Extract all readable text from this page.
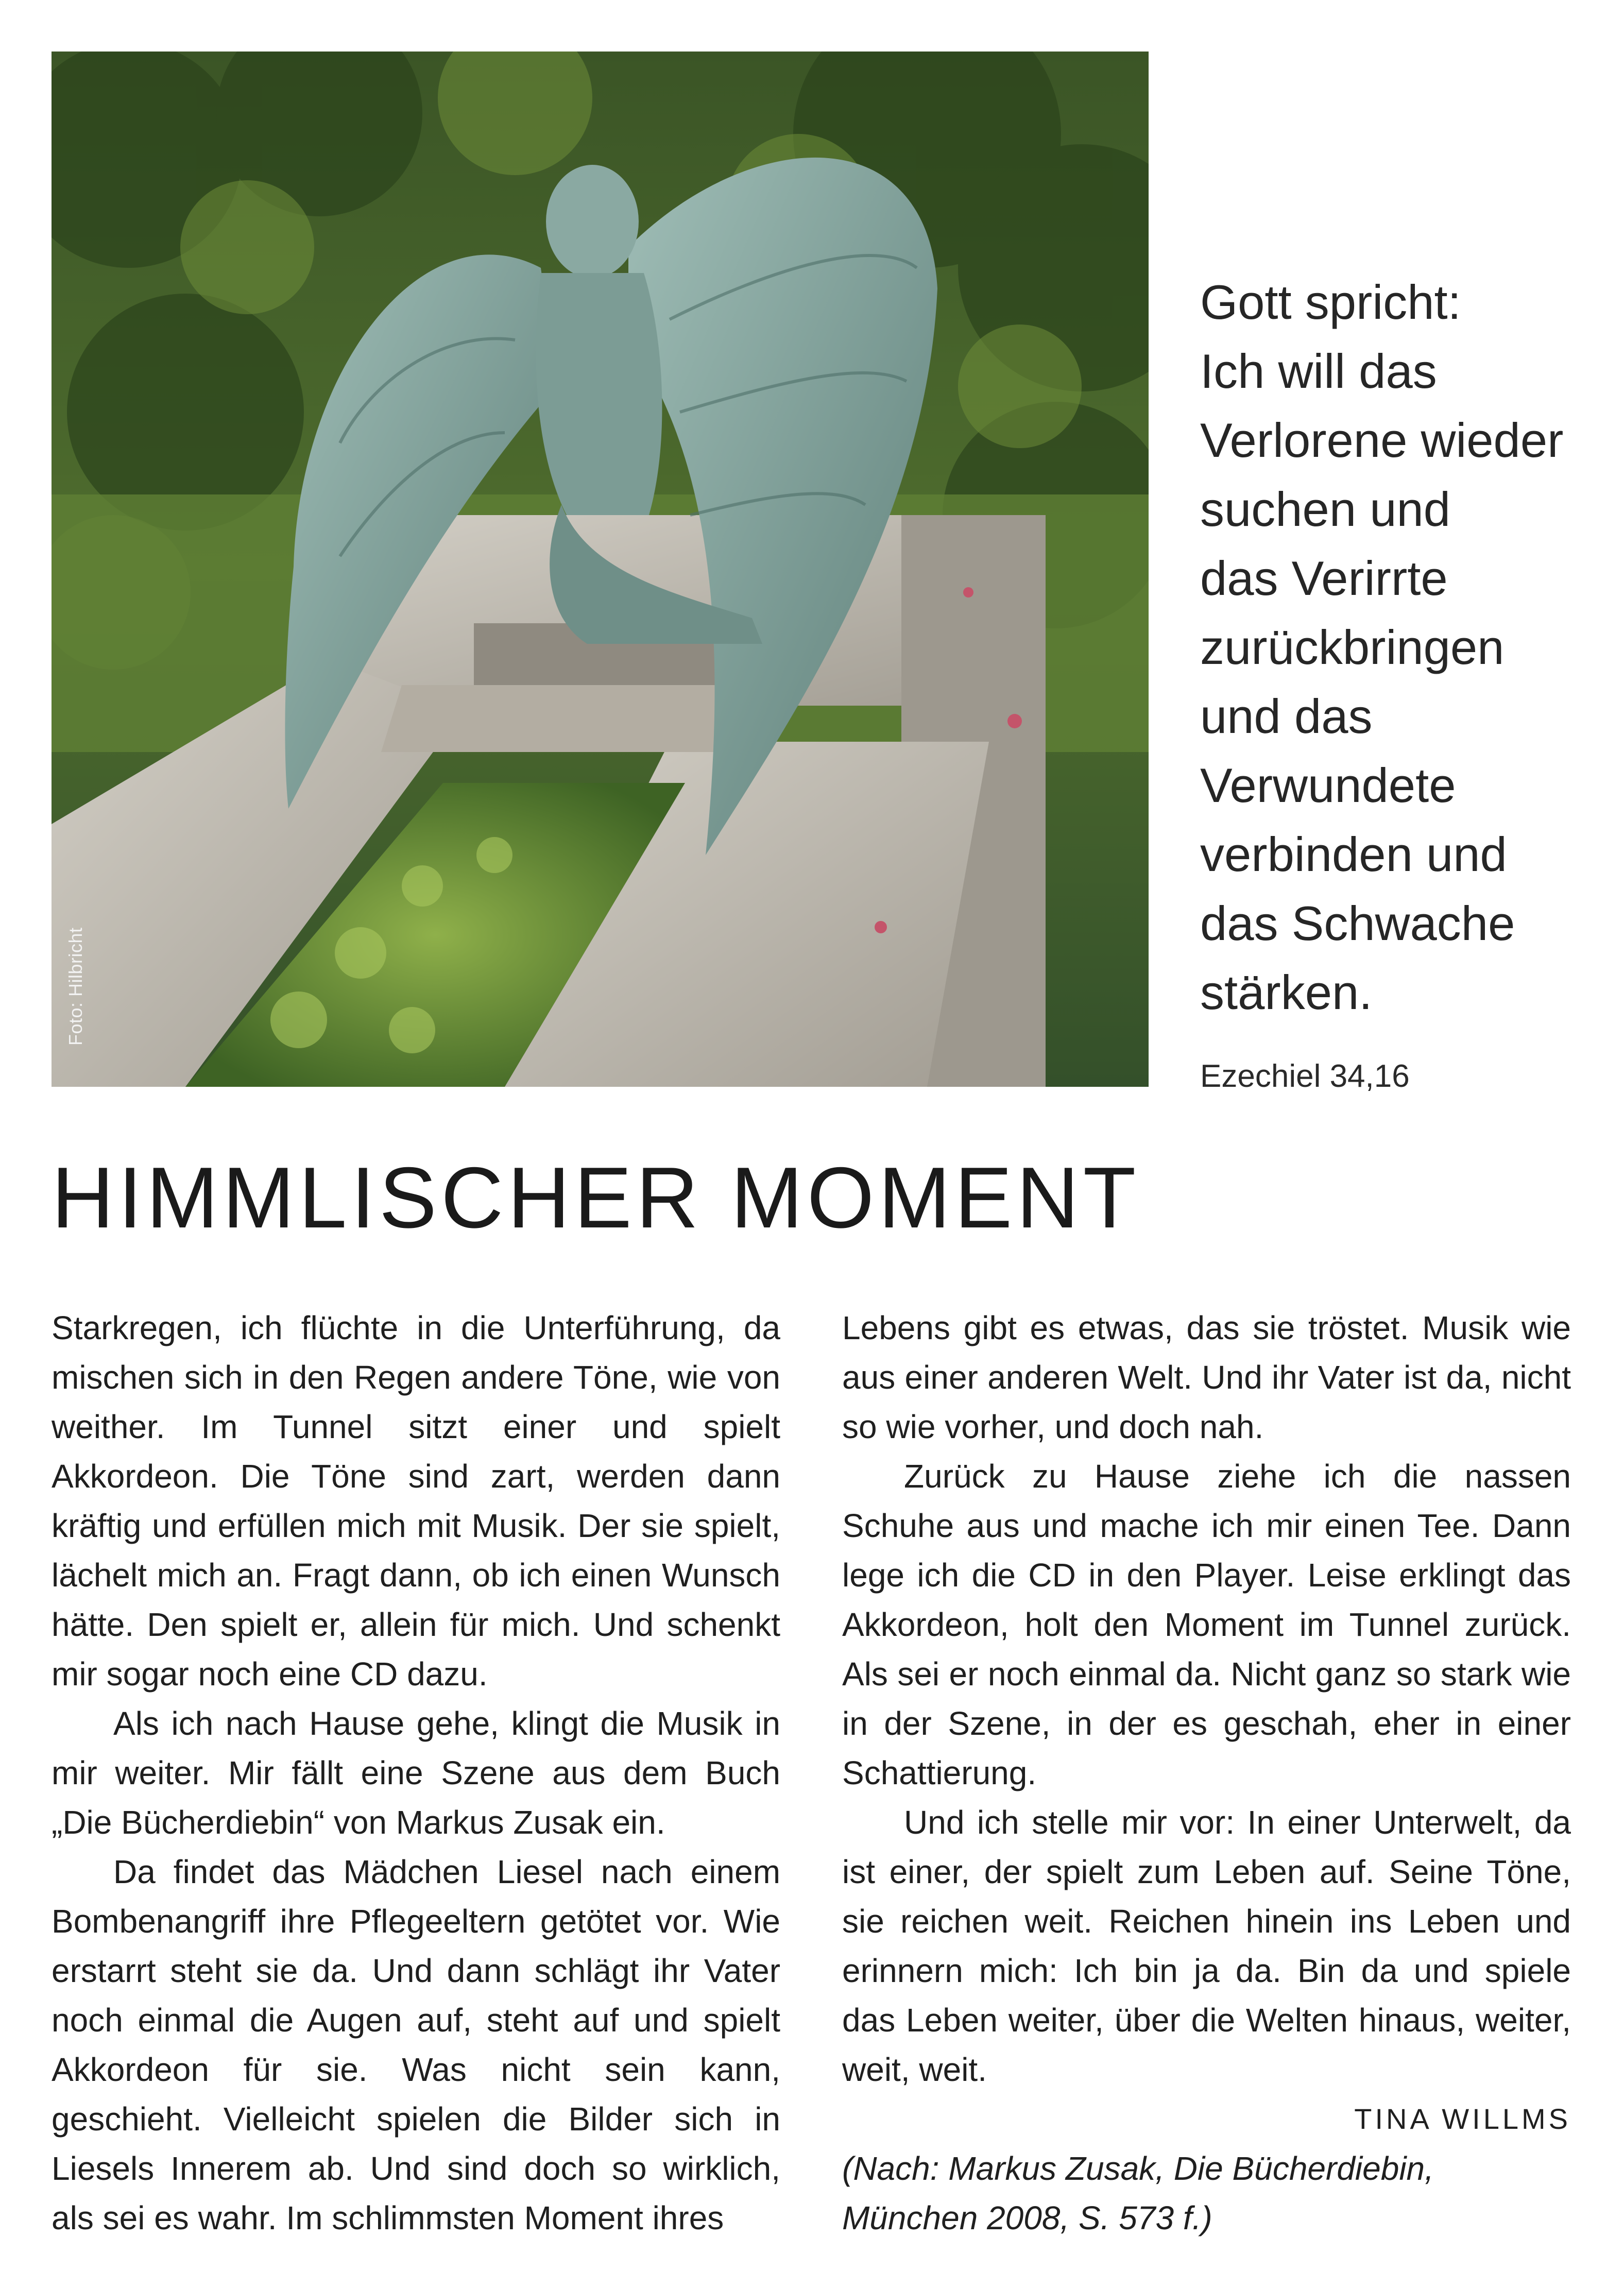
Foto: Hilbricht
Gott spricht:
Ich will das
Verlorene wieder
suchen und
das Verirrte
zurückbringen
und das
Verwundete
verbinden und
das Schwache
stärken.
Ezechiel 34,16
HIMMLISCHER MOMENT

Starkregen, ich flüchte in die Unterführung, da mischen sich in den Regen andere Töne, wie von weither. Im Tunnel sitzt einer und spielt Akkordeon. Die Töne sind zart, werden dann kräftig und erfüllen mich mit Musik. Der sie spielt, lächelt mich an. Fragt dann, ob ich einen Wunsch hätte. Den spielt er, allein für mich. Und schenkt mir sogar noch eine CD dazu.

Als ich nach Hause gehe, klingt die Musik in mir weiter. Mir fällt eine Szene aus dem Buch „Die Bücherdiebin“ von Markus Zusak ein.

Da findet das Mädchen Liesel nach einem Bombenangriff ihre Pflegeeltern getötet vor. Wie erstarrt steht sie da. Und dann schlägt ihr Vater noch einmal die Augen auf, steht auf und spielt Akkordeon für sie. Was nicht sein kann, geschieht. Vielleicht spielen die Bilder sich in Liesels Innerem ab. Und sind doch so wirklich, als sei es wahr. Im schlimmsten Moment ihres

Lebens gibt es etwas, das sie tröstet. Musik wie aus einer anderen Welt. Und ihr Vater ist da, nicht so wie vorher, und doch nah.

Zurück zu Hause ziehe ich die nassen Schuhe aus und mache ich mir einen Tee. Dann lege ich die CD in den Player. Leise erklingt das Akkordeon, holt den Moment im Tunnel zurück. Als sei er noch einmal da. Nicht ganz so stark wie in der Szene, in der es geschah, eher in einer Schattierung.

Und ich stelle mir vor: In einer Unterwelt, da ist einer, der spielt zum Leben auf. Seine Töne, sie reichen weit. Reichen hinein ins Leben und erinnern mich: Ich bin ja da. Bin da und spiele das Leben weiter, über die Welten hinaus, weiter, weit, weit.

TINA WILLMS

(Nach: Markus Zusak, Die Bücherdiebin,

München 2008, S. 573 f.)
